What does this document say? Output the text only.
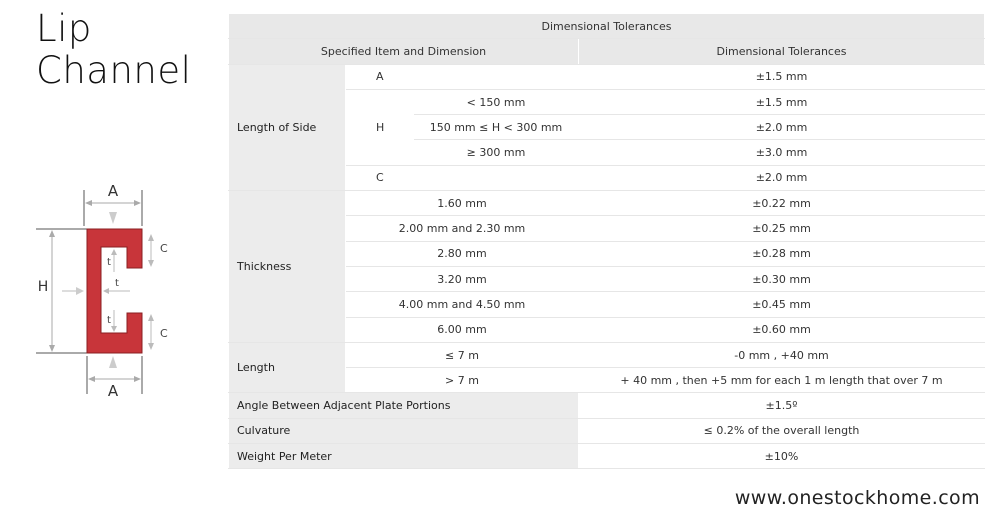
Lip
Channel
A
H
C
C
t
t
t
A
Dimensional Tolerances			
Specified Item and Dimension			Dimensional Tolerances
Length of Side	A		±1.5 mm
	H	< 150 mm	±1.5 mm
		150 mm ≤ H < 300 mm	±2.0 mm
		≥ 300 mm	±3.0 mm
	C		±2.0 mm
Thickness	1.60 mm		±0.22 mm
	2.00 mm and 2.30 mm		±0.25 mm
	2.80 mm		±0.28 mm
	3.20 mm		±0.30 mm
	4.00 mm and 4.50 mm		±0.45 mm
	6.00 mm		±0.60 mm
Length	≤ 7 m		-0 mm , +40 mm
	> 7 m		+ 40 mm , then +5 mm for each 1 m length that over 7 m
Angle Between Adjacent Plate Portions			±1.5º
Culvature			≤ 0.2% of the overall length
Weight Per Meter			±10%
www.onestockhome.com
